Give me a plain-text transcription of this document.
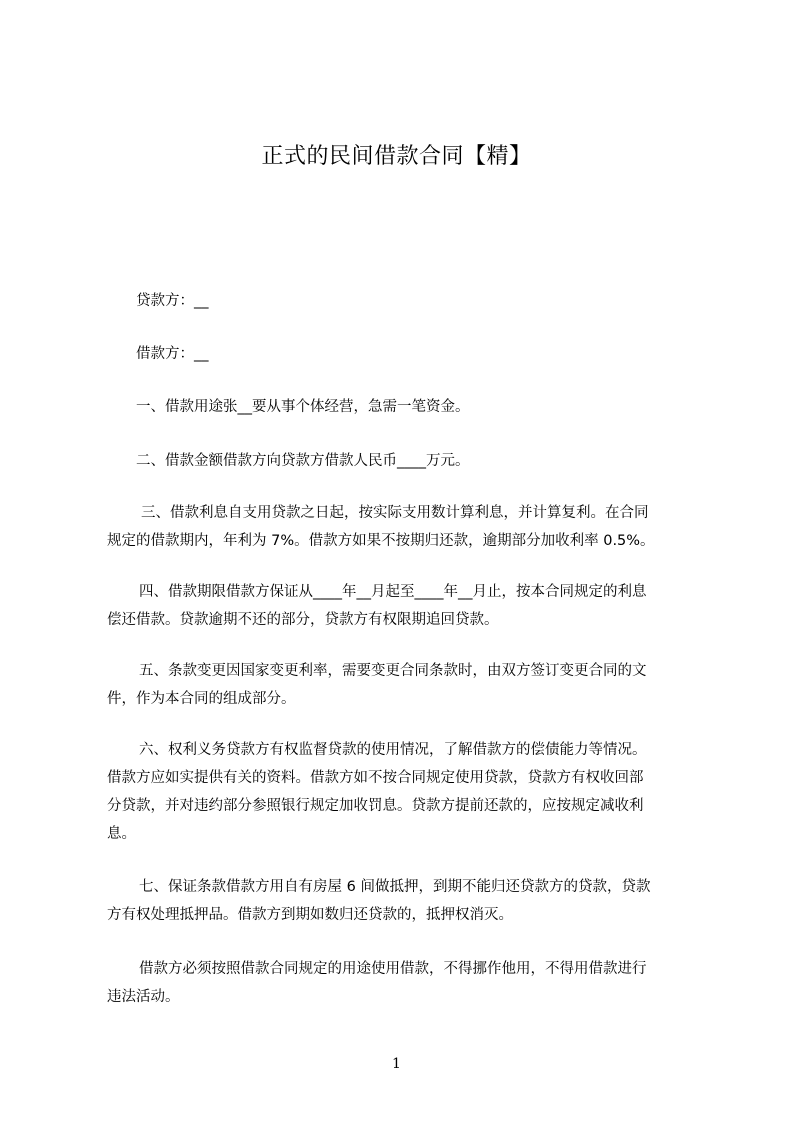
正式的民间借款合同【精】

贷款方：__

借款方：__

一、借款用途张__要从事个体经营，急需一笔资金。

二、借款金额借款方向贷款方借款人民币____万元。

三、借款利息自支用贷款之日起，按实际支用数计算利息，并计算复利。在合同
规定的借款期内，年利为 7%。借款方如果不按期归还款，逾期部分加收利率 0.5%。
四、借款期限借款方保证从____年__月起至____年__月止，按本合同规定的利息
偿还借款。贷款逾期不还的部分，贷款方有权限期追回贷款。
五、条款变更因国家变更利率，需要变更合同条款时，由双方签订变更合同的文
件，作为本合同的组成部分。
六、权利义务贷款方有权监督贷款的使用情况，了解借款方的偿债能力等情况。
借款方应如实提供有关的资料。借款方如不按合同规定使用贷款，贷款方有权收回部
分贷款，并对违约部分参照银行规定加收罚息。贷款方提前还款的，应按规定减收利
息。
七、保证条款借款方用自有房屋 6 间做抵押，到期不能归还贷款方的贷款，贷款
方有权处理抵押品。借款方到期如数归还贷款的，抵押权消灭。
借款方必须按照借款合同规定的用途使用借款，不得挪作他用，不得用借款进行
违法活动。
1
